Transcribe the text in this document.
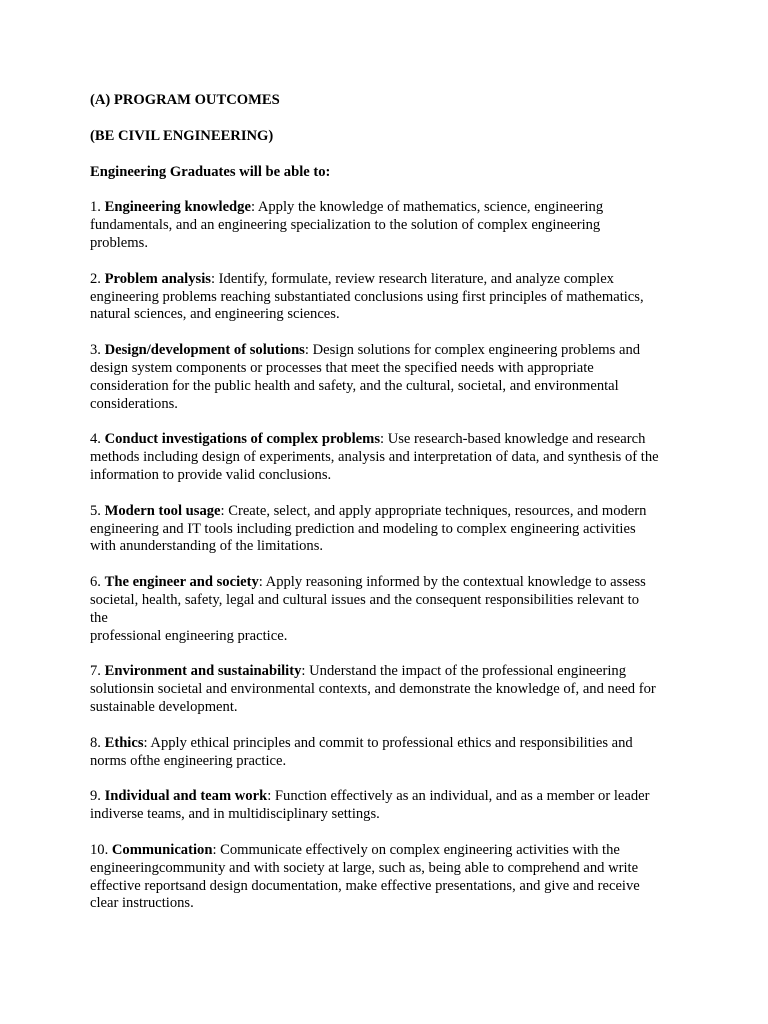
(A) PROGRAM OUTCOMES
(BE CIVIL ENGINEERING)
Engineering Graduates will be able to:
1. Engineering knowledge: Apply the knowledge of mathematics, science, engineering
fundamentals, and an engineering specialization to the solution of complex engineering
problems.
2. Problem analysis: Identify, formulate, review research literature, and analyze complex
engineering problems reaching substantiated conclusions using first principles of mathematics,
natural sciences, and engineering sciences.
3. Design/development of solutions: Design solutions for complex engineering problems and
design system components or processes that meet the specified needs with appropriate
consideration for the public health and safety, and the cultural, societal, and environmental
considerations.
4. Conduct investigations of complex problems: Use research-based knowledge and research
methods including design of experiments, analysis and interpretation of data, and synthesis of the
information to provide valid conclusions.
5. Modern tool usage: Create, select, and apply appropriate techniques, resources, and modern
engineering and IT tools including prediction and modeling to complex engineering activities
with anunderstanding of the limitations.
6. The engineer and society: Apply reasoning informed by the contextual knowledge to assess
societal, health, safety, legal and cultural issues and the consequent responsibilities relevant to
the
professional engineering practice.
7. Environment and sustainability: Understand the impact of the professional engineering
solutionsin societal and environmental contexts, and demonstrate the knowledge of, and need for
sustainable development.
8. Ethics: Apply ethical principles and commit to professional ethics and responsibilities and
norms ofthe engineering practice.
9. Individual and team work: Function effectively as an individual, and as a member or leader
indiverse teams, and in multidisciplinary settings.
10. Communication: Communicate effectively on complex engineering activities with the
engineeringcommunity and with society at large, such as, being able to comprehend and write
effective reportsand design documentation, make effective presentations, and give and receive
clear instructions.
